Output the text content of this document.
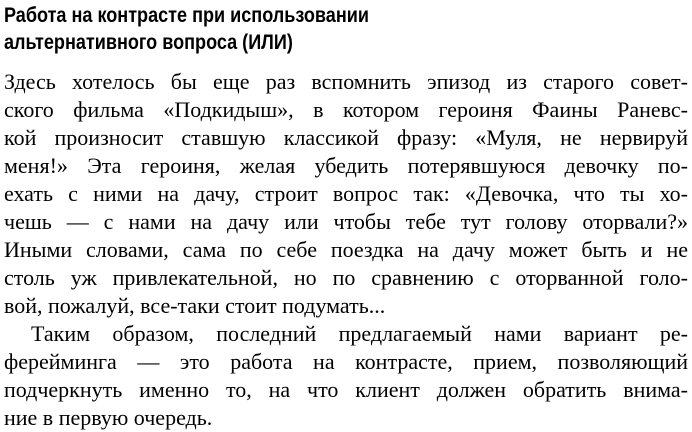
Работа на контрасте при использовании
альтернативного вопроса (ИЛИ)
Здесь хотелось бы еще раз вспомнить эпизод из старого совет-
ского фильма «Подкидыш», в котором героиня Фаины Раневс-
кой произносит ставшую классикой фразу: «Муля, не нервируй
меня!» Эта героиня, желая убедить потерявшуюся девочку по-
ехать с ними на дачу, строит вопрос так: «Девочка, что ты хо-
чешь — с нами на дачу или чтобы тебе тут голову оторвали?»
Иными словами, сама по себе поездка на дачу может быть и не
столь уж привлекательной, но по сравнению с оторванной голо-
вой, пожалуй, все-таки стоит подумать...
Таким образом, последний предлагаемый нами вариант ре-
ферейминга — это работа на контрасте, прием, позволяющий
подчеркнуть именно то, на что клиент должен обратить внима-
ние в первую очередь.
